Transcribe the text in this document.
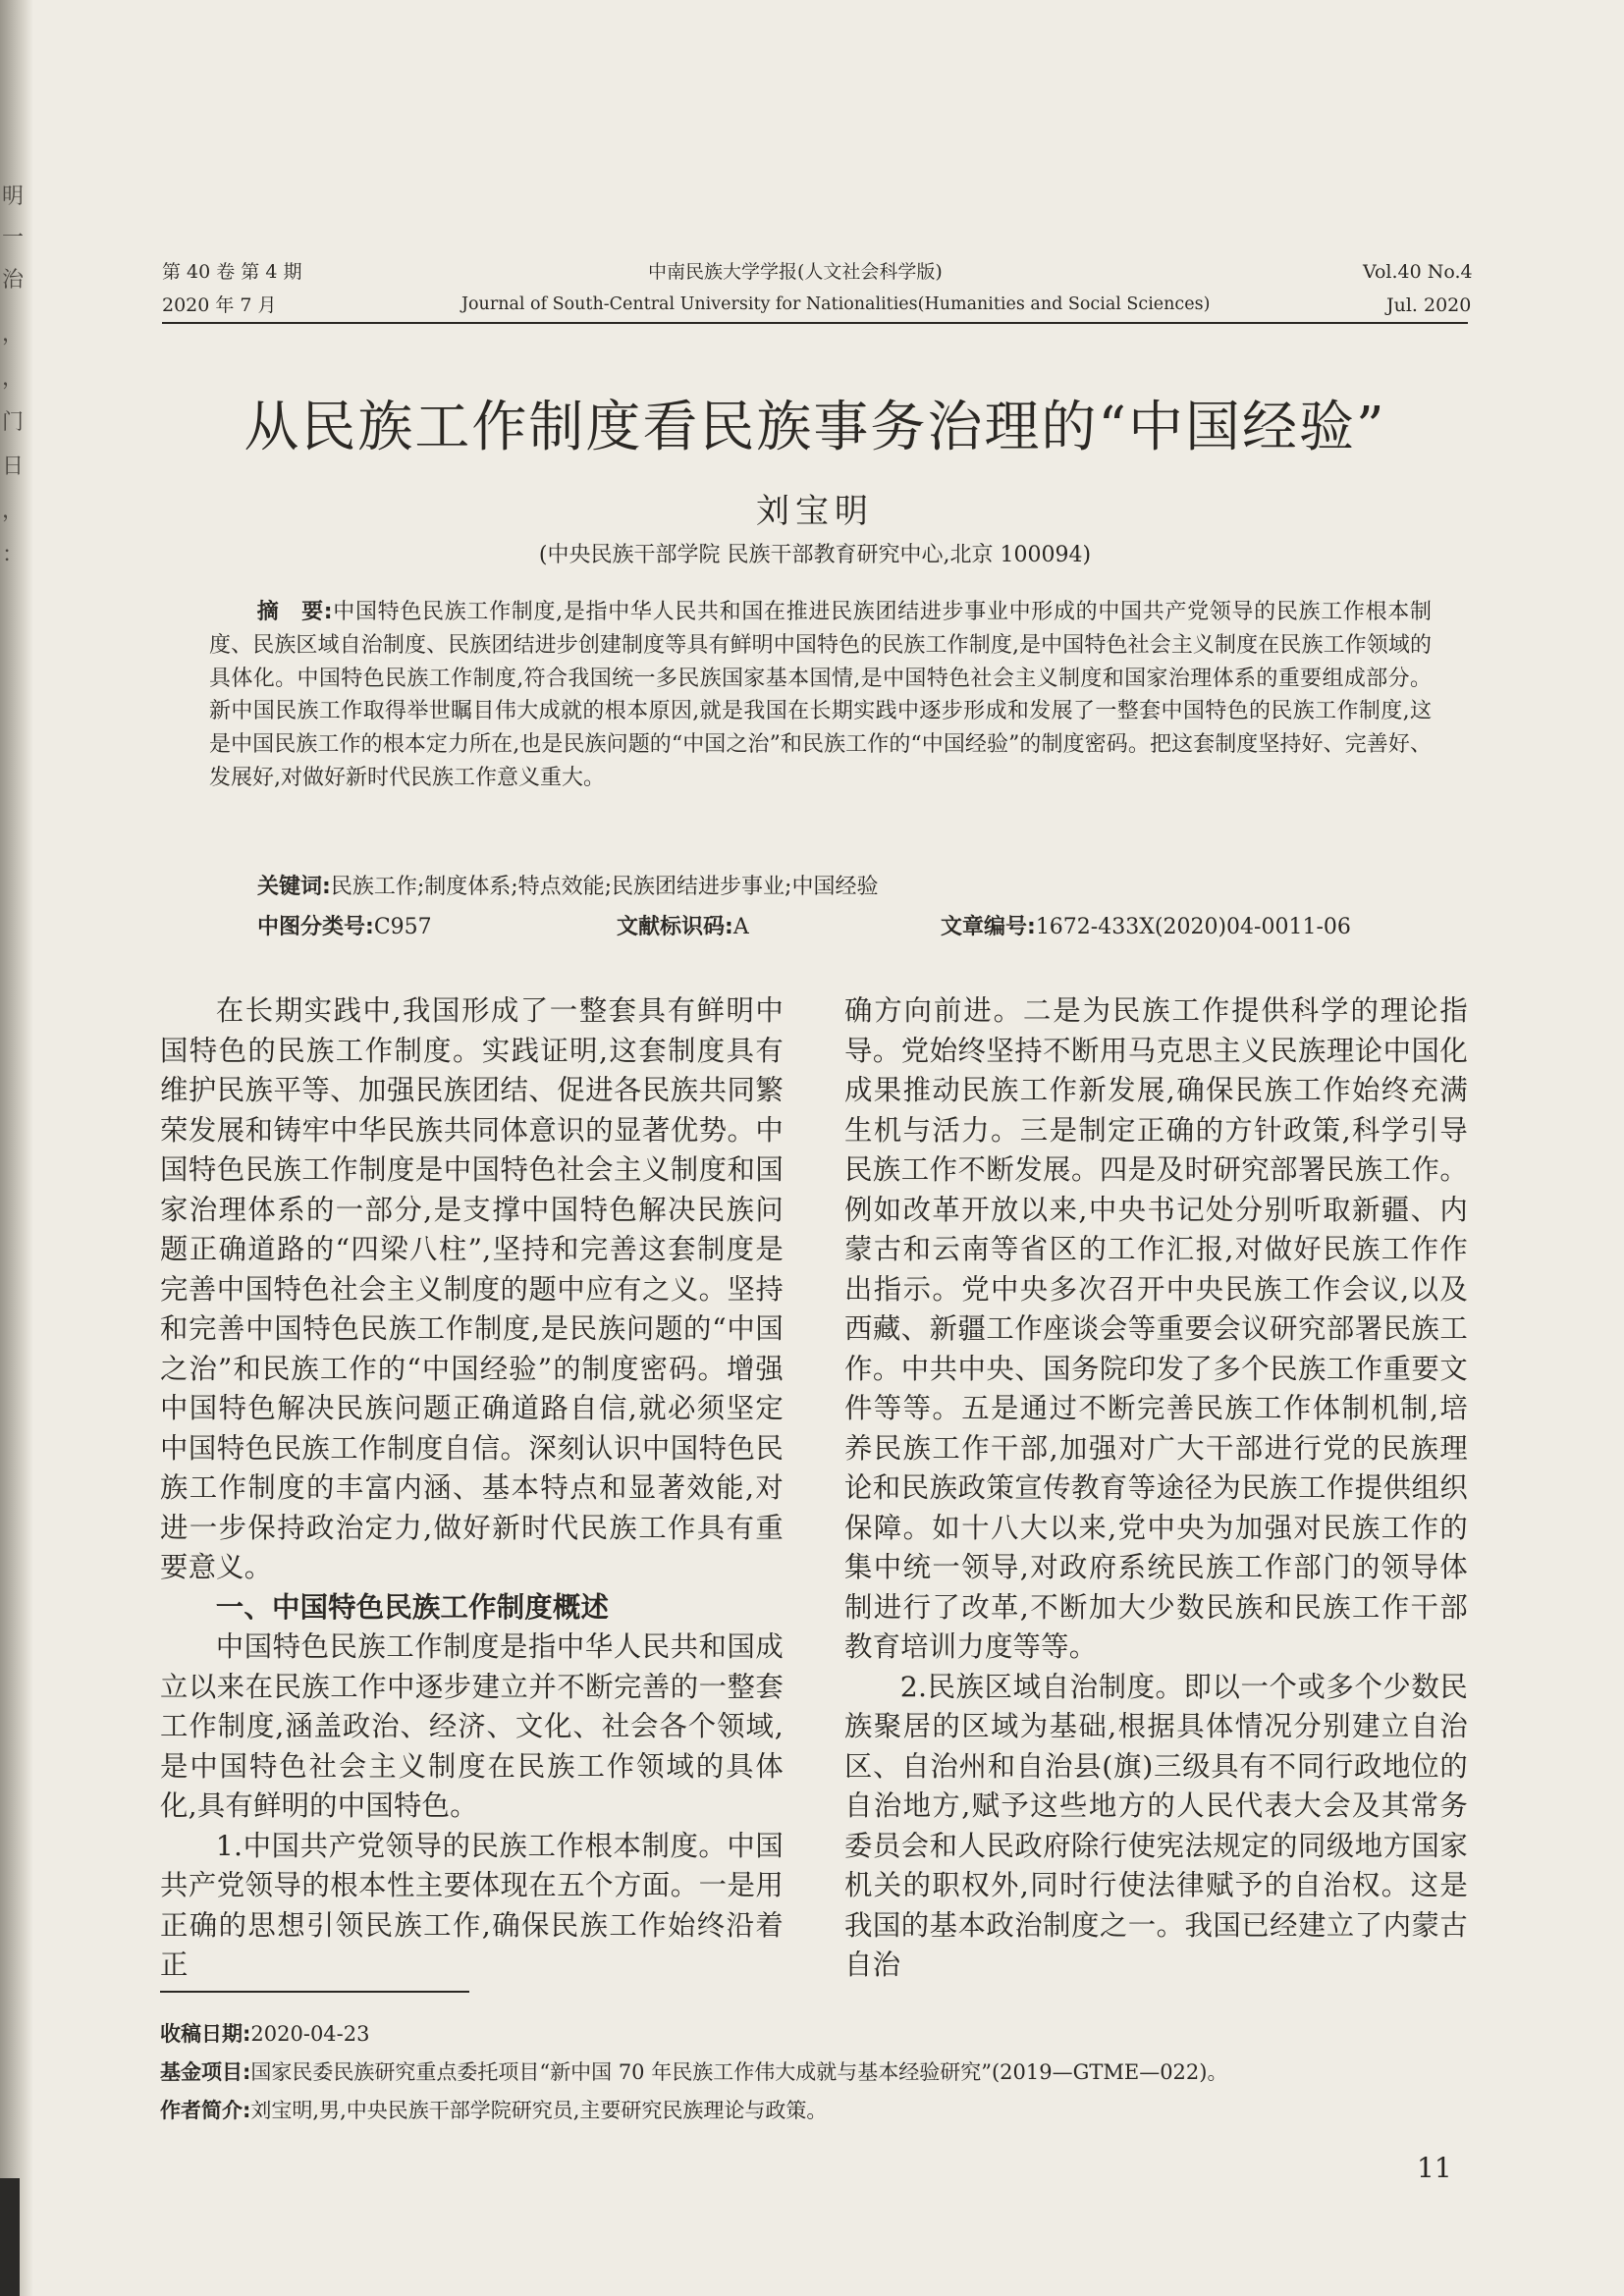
明
一
治
，
，
门
日
，
：
第 40 卷 第 4 期
2020 年 7 月
中南民族大学学报(人文社会科学版)
Journal of South-Central University for Nationalities(Humanities and Social Sciences)
Vol.40 No.4
Jul. 2020
从民族工作制度看民族事务治理的“中国经验”
刘宝明
(中央民族干部学院 民族干部教育研究中心,北京 100094)

摘　要:中国特色民族工作制度,是指中华人民共和国在推进民族团结进步事业中形成的中国共产党领导的民族工作根本制度、民族区域自治制度、民族团结进步创建制度等具有鲜明中国特色的民族工作制度,是中国特色社会主义制度在民族工作领域的具体化。中国特色民族工作制度,符合我国统一多民族国家基本国情,是中国特色社会主义制度和国家治理体系的重要组成部分。新中国民族工作取得举世瞩目伟大成就的根本原因,就是我国在长期实践中逐步形成和发展了一整套中国特色的民族工作制度,这是中国民族工作的根本定力所在,也是民族问题的“中国之治”和民族工作的“中国经验”的制度密码。把这套制度坚持好、完善好、发展好,对做好新时代民族工作意义重大。

关键词:民族工作;制度体系;特点效能;民族团结进步事业;中国经验
中图分类号:C957	文献标识码:A	文章编号:1672-433X(2020)04-0011-06

在长期实践中,我国形成了一整套具有鲜明中国特色的民族工作制度。实践证明,这套制度具有维护民族平等、加强民族团结、促进各民族共同繁荣发展和铸牢中华民族共同体意识的显著优势。中国特色民族工作制度是中国特色社会主义制度和国家治理体系的一部分,是支撑中国特色解决民族问题正确道路的“四梁八柱”,坚持和完善这套制度是完善中国特色社会主义制度的题中应有之义。坚持和完善中国特色民族工作制度,是民族问题的“中国之治”和民族工作的“中国经验”的制度密码。增强中国特色解决民族问题正确道路自信,就必须坚定中国特色民族工作制度自信。深刻认识中国特色民族工作制度的丰富内涵、基本特点和显著效能,对进一步保持政治定力,做好新时代民族工作具有重要意义。

一、中国特色民族工作制度概述

中国特色民族工作制度是指中华人民共和国成立以来在民族工作中逐步建立并不断完善的一整套工作制度,涵盖政治、经济、文化、社会各个领域,是中国特色社会主义制度在民族工作领域的具体化,具有鲜明的中国特色。

1.中国共产党领导的民族工作根本制度。中国共产党领导的根本性主要体现在五个方面。一是用正确的思想引领民族工作,确保民族工作始终沿着正

确方向前进。二是为民族工作提供科学的理论指导。党始终坚持不断用马克思主义民族理论中国化成果推动民族工作新发展,确保民族工作始终充满生机与活力。三是制定正确的方针政策,科学引导民族工作不断发展。四是及时研究部署民族工作。例如改革开放以来,中央书记处分别听取新疆、内蒙古和云南等省区的工作汇报,对做好民族工作作出指示。党中央多次召开中央民族工作会议,以及西藏、新疆工作座谈会等重要会议研究部署民族工作。中共中央、国务院印发了多个民族工作重要文件等等。五是通过不断完善民族工作体制机制,培养民族工作干部,加强对广大干部进行党的民族理论和民族政策宣传教育等途径为民族工作提供组织保障。如十八大以来,党中央为加强对民族工作的集中统一领导,对政府系统民族工作部门的领导体制进行了改革,不断加大少数民族和民族工作干部教育培训力度等等。

2.民族区域自治制度。即以一个或多个少数民族聚居的区域为基础,根据具体情况分别建立自治区、自治州和自治县(旗)三级具有不同行政地位的自治地方,赋予这些地方的人民代表大会及其常务委员会和人民政府除行使宪法规定的同级地方国家机关的职权外,同时行使法律赋予的自治权。这是我国的基本政治制度之一。我国已经建立了内蒙古自治

收稿日期:2020-04-23
基金项目:国家民委民族研究重点委托项目“新中国 70 年民族工作伟大成就与基本经验研究”(2019—GTME—022)。
作者简介:刘宝明,男,中央民族干部学院研究员,主要研究民族理论与政策。
11
